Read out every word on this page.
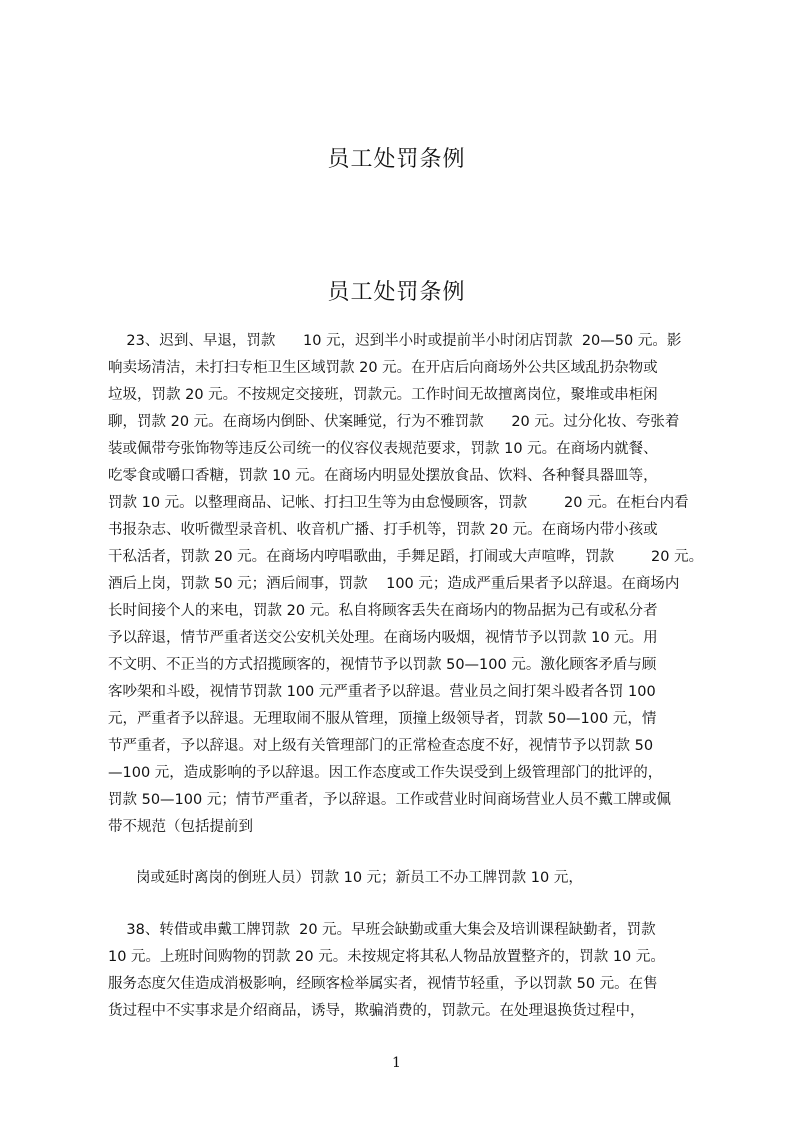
员工处罚条例
员工处罚条例
23、迟到、早退，罚款      10 元，迟到半小时或提前半小时闭店罚款  20—50 元。影
响卖场清洁，未打扫专柜卫生区域罚款 20 元。在开店后向商场外公共区域乱扔杂物或
垃圾，罚款 20 元。不按规定交接班，罚款元。工作时间无故擅离岗位，聚堆或串柜闲
聊，罚款 20 元。在商场内倒卧、伏案睡觉，行为不雅罚款      20 元。过分化妆、夸张着
装或佩带夸张饰物等违反公司统一的仪容仪表规范要求，罚款 10 元。在商场内就餐、
吃零食或嚼口香糖，罚款 10 元。在商场内明显处摆放食品、饮料、各种餐具器皿等，
罚款 10 元。以整理商品、记帐、打扫卫生等为由怠慢顾客，罚款        20 元。在柜台内看
书报杂志、收听微型录音机、收音机广播、打手机等，罚款 20 元。在商场内带小孩或
干私活者，罚款 20 元。在商场内哼唱歌曲，手舞足蹈，打闹或大声喧哗，罚款        20 元。
酒后上岗，罚款 50 元；酒后闹事，罚款    100 元；造成严重后果者予以辞退。在商场内
长时间接个人的来电，罚款 20 元。私自将顾客丢失在商场内的物品据为己有或私分者
予以辞退，情节严重者送交公安机关处理。在商场内吸烟，视情节予以罚款 10 元。用
不文明、不正当的方式招揽顾客的，视情节予以罚款 50—100 元。激化顾客矛盾与顾
客吵架和斗殴，视情节罚款 100 元严重者予以辞退。营业员之间打架斗殴者各罚 100
元，严重者予以辞退。无理取闹不服从管理，顶撞上级领导者，罚款 50—100 元，情
节严重者，予以辞退。对上级有关管理部门的正常检查态度不好，视情节予以罚款 50
—100 元，造成影响的予以辞退。因工作态度或工作失误受到上级管理部门的批评的，
罚款 50—100 元；情节严重者，予以辞退。工作或营业时间商场营业人员不戴工牌或佩
带不规范（包括提前到
岗或延时离岗的倒班人员）罚款 10 元；新员工不办工牌罚款 10 元，
38、转借或串戴工牌罚款  20 元。早班会缺勤或重大集会及培训课程缺勤者，罚款
10 元。上班时间购物的罚款 20 元。未按规定将其私人物品放置整齐的，罚款 10 元。
服务态度欠佳造成消极影响，经顾客检举属实者，视情节轻重，予以罚款 50 元。在售
货过程中不实事求是介绍商品，诱导，欺骗消费的，罚款元。在处理退换货过程中，
1
